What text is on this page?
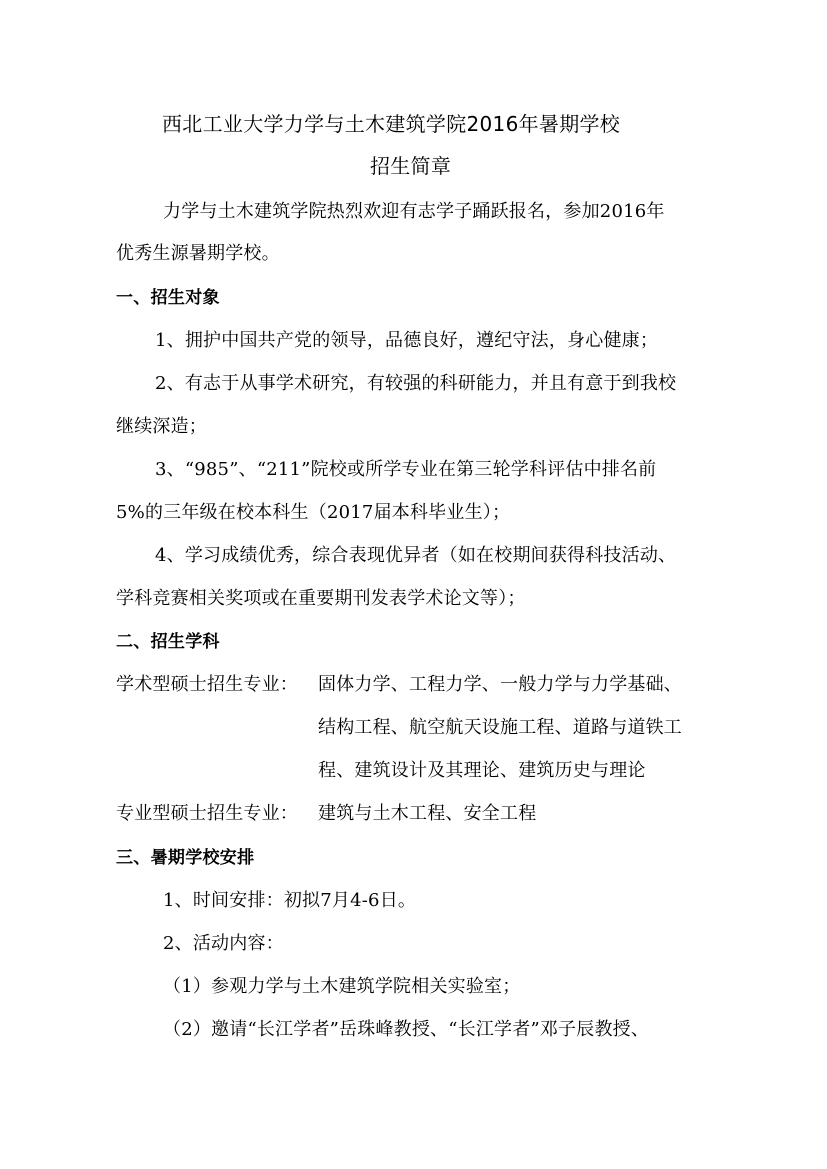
西北工业大学力学与土木建筑学院2016年暑期学校
招生简章
力学与土木建筑学院热烈欢迎有志学子踊跃报名，参加2016年
优秀生源暑期学校。
一、招生对象
1、拥护中国共产党的领导，品德良好，遵纪守法，身心健康；
2、有志于从事学术研究，有较强的科研能力，并且有意于到我校
继续深造；
3、“985”、“211”院校或所学专业在第三轮学科评估中排名前
5%的三年级在校本科生（2017届本科毕业生）；
4、学习成绩优秀，综合表现优异者（如在校期间获得科技活动、
学科竞赛相关奖项或在重要期刊发表学术论文等）；
二、招生学科
学术型硕士招生专业： 固体力学、工程力学、一般力学与力学基础、
结构工程、航空航天设施工程、道路与道铁工
程、建筑设计及其理论、建筑历史与理论
专业型硕士招生专业： 建筑与土木工程、安全工程
三、暑期学校安排
1、时间安排：初拟7月4-6日。
2、活动内容：
（1）参观力学与土木建筑学院相关实验室；
（2）邀请“长江学者”岳珠峰教授、“长江学者”邓子辰教授、
